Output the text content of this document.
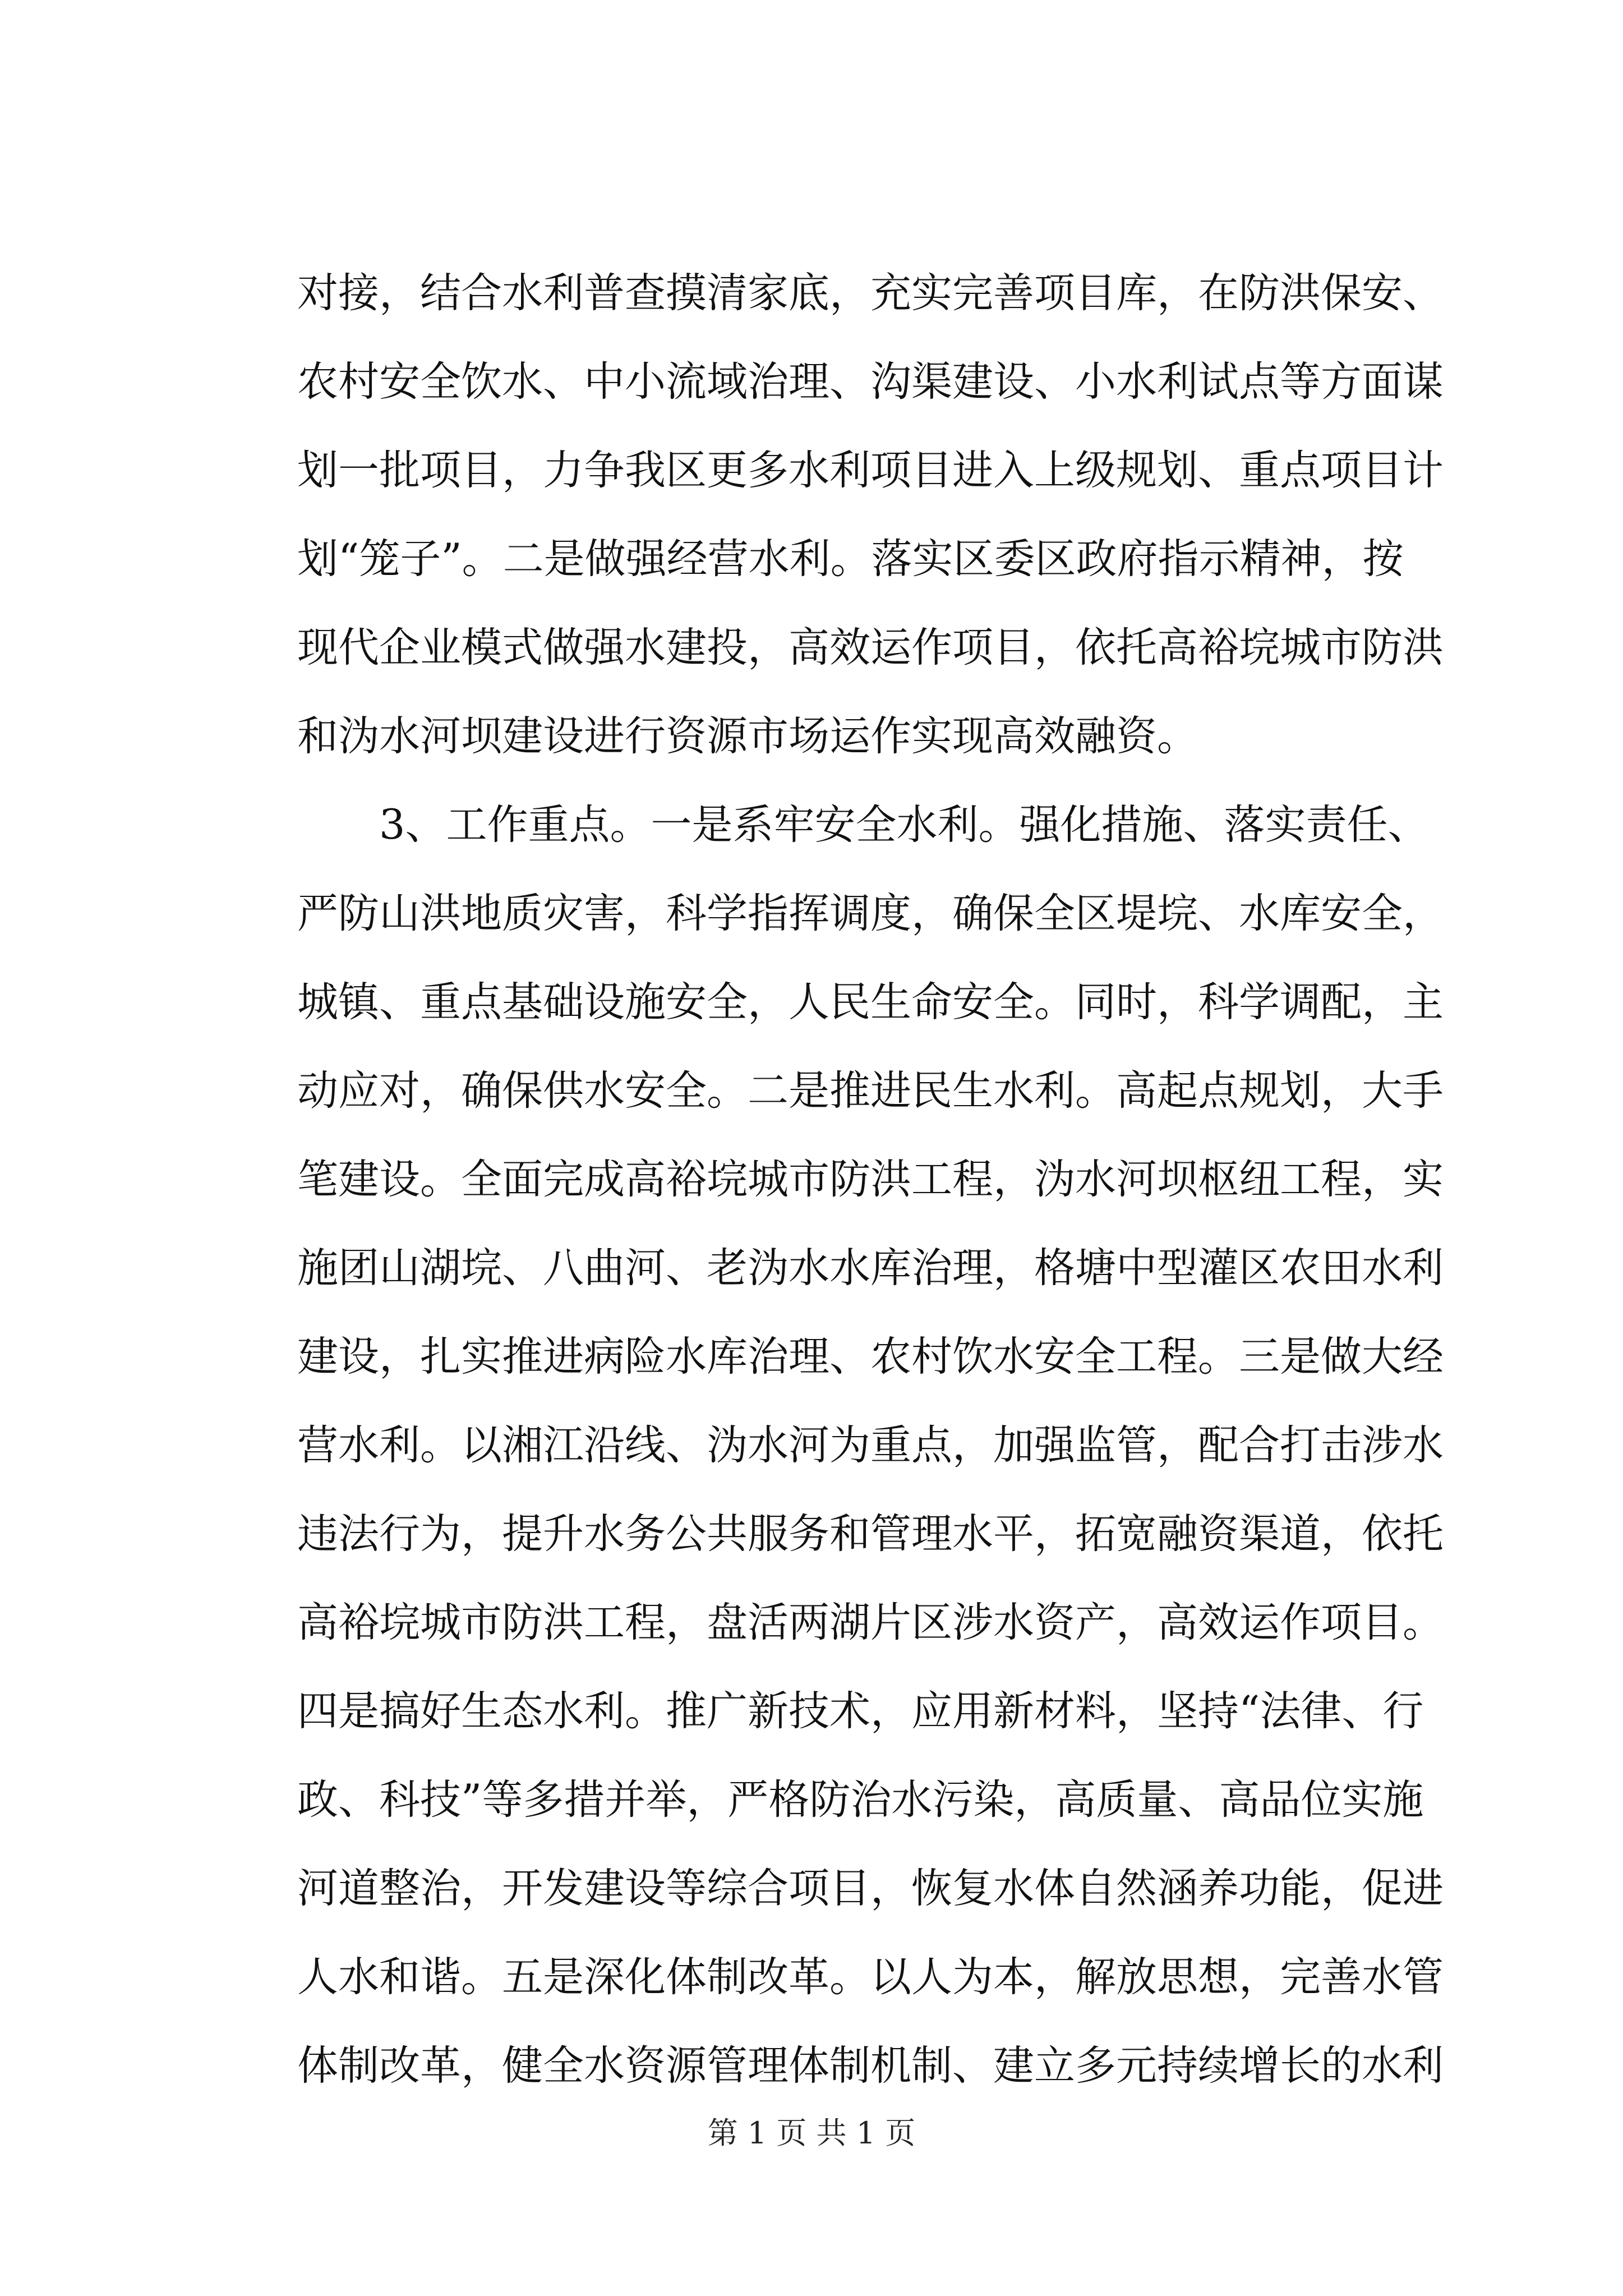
对接，结合水利普查摸清家底，充实完善项目库，在防洪保安、
农村安全饮水、中小流域治理、沟渠建设、小水利试点等方面谋
划一批项目，力争我区更多水利项目进入上级规划、重点项目计
划“笼子”。二是做强经营水利。落实区委区政府指示精神，按
现代企业模式做强水建投，高效运作项目，依托高裕垸城市防洪
和沩水河坝建设进行资源市场运作实现高效融资。
3、工作重点。一是系牢安全水利。强化措施、落实责任、
严防山洪地质灾害，科学指挥调度，确保全区堤垸、水库安全，
城镇、重点基础设施安全，人民生命安全。同时，科学调配，主
动应对，确保供水安全。二是推进民生水利。高起点规划，大手
笔建设。全面完成高裕垸城市防洪工程，沩水河坝枢纽工程，实
施团山湖垸、八曲河、老沩水水库治理，格塘中型灌区农田水利
建设，扎实推进病险水库治理、农村饮水安全工程。三是做大经
营水利。以湘江沿线、沩水河为重点，加强监管，配合打击涉水
违法行为，提升水务公共服务和管理水平，拓宽融资渠道，依托
高裕垸城市防洪工程，盘活两湖片区涉水资产，高效运作项目。
四是搞好生态水利。推广新技术，应用新材料，坚持“法律、行
政、科技”等多措并举，严格防治水污染，高质量、高品位实施
河道整治，开发建设等综合项目，恢复水体自然涵养功能，促进
人水和谐。五是深化体制改革。以人为本，解放思想，完善水管
体制改革，健全水资源管理体制机制、建立多元持续增长的水利
第 1 页 共 1 页
